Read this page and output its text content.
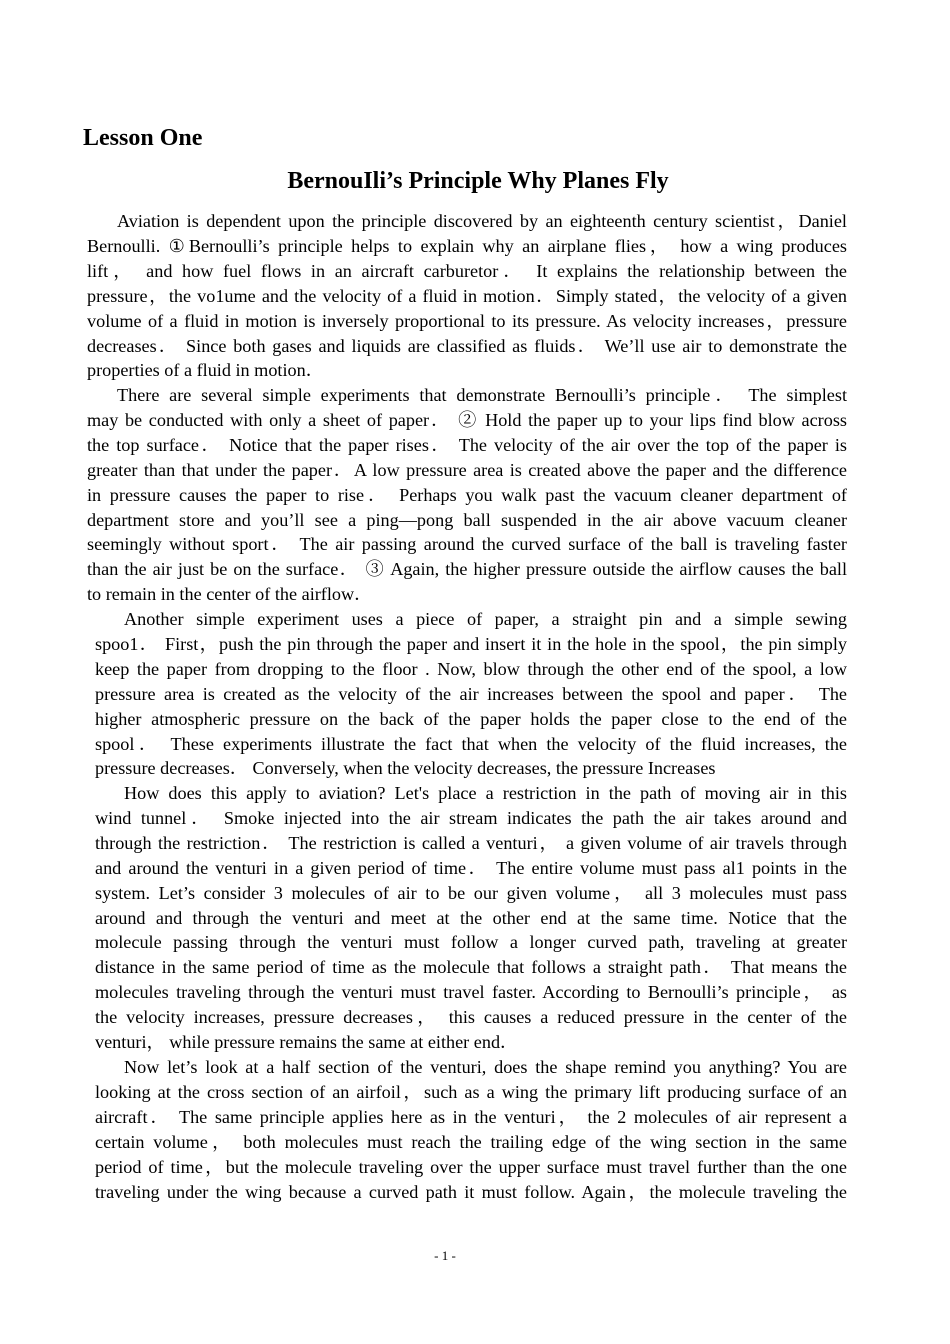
Lesson One
BernouIli’s Principle Why Planes Fly

Aviation is dependent upon the principle discovered by an eighteenth century scientist，Daniel
Bernoulli. ①Bernoulli’s principle helps to explain why an airplane flies， how a wing produces
lift， and how fuel flows in an aircraft carburetor． It explains the relationship between the
pressure，the vo1ume and the velocity of a fluid in motion．Simply stated，the velocity of a given
volume of a fluid in motion is inversely proportional to its pressure. As velocity increases，pressure
decreases． Since both gases and liquids are classified as fluids． We’ll use air to demonstrate the
properties of a fluid in motion．

There are several simple experiments that demonstrate Bernoulli’s principle． The simplest
may be conducted with only a sheet of paper． ② Hold the paper up to your lips find blow across
the top surface． Notice that the paper rises． The velocity of the air over the top of the paper is
greater than that under the paper．A low pressure area is created above the paper and the difference
in pressure causes the paper to rise． Perhaps you walk past the vacuum cleaner department of
department store and you’ll see a ping—pong ball suspended in the air above vacuum cleaner
seemingly without sport． The air passing around the curved surface of the ball is traveling faster
than the air just be on the surface． ③ Again, the higher pressure outside the airflow causes the ball
to remain in the center of the airflow．

Another simple experiment uses a piece of paper, a straight pin and a simple sewing
spoo1． First，push the pin through the paper and insert it in the hole in the spool，the pin simply
keep the paper from dropping to the floor . Now, blow through the other end of the spool, a low
pressure area is created as the velocity of the air increases between the spool and paper． The
higher atmospheric pressure on the back of the paper holds the paper close to the end of the
spool． These experiments illustrate the fact that when the velocity of the fluid increases, the
pressure decreases． Conversely, when the velocity decreases, the pressure Increases

How does this apply to aviation? Let's place a restriction in the path of moving air in this
wind tunnel． Smoke injected into the air stream indicates the path the air takes around and
through the restriction． The restriction is called a venturi， a given volume of air travels through
and around the venturi in a given period of time． The entire volume must pass al1 points in the
system. Let’s consider 3 molecules of air to be our given volume， all 3 molecules must pass
around and through the venturi and meet at the other end at the same time. Notice that the
molecule passing through the venturi must follow a longer curved path, traveling at greater
distance in the same period of time as the molecule that follows a straight path． That means the
molecules traveling through the venturi must travel faster. According to Bernoulli’s principle， as
the velocity increases, pressure decreases， this causes a reduced pressure in the center of the
venturi， while pressure remains the same at either end．

Now let’s look at a half section of the venturi, does the shape remind you anything? You are
looking at the cross section of an airfoil，such as a wing the primary lift producing surface of an
aircraft． The same principle applies here as in the venturi， the 2 molecules of air represent a
certain volume， both molecules must reach the trailing edge of the wing section in the same
period of time，but the molecule traveling over the upper surface must travel further than the one
traveling under the wing because a curved path it must follow. Again，the molecule traveling the

- 1 -
